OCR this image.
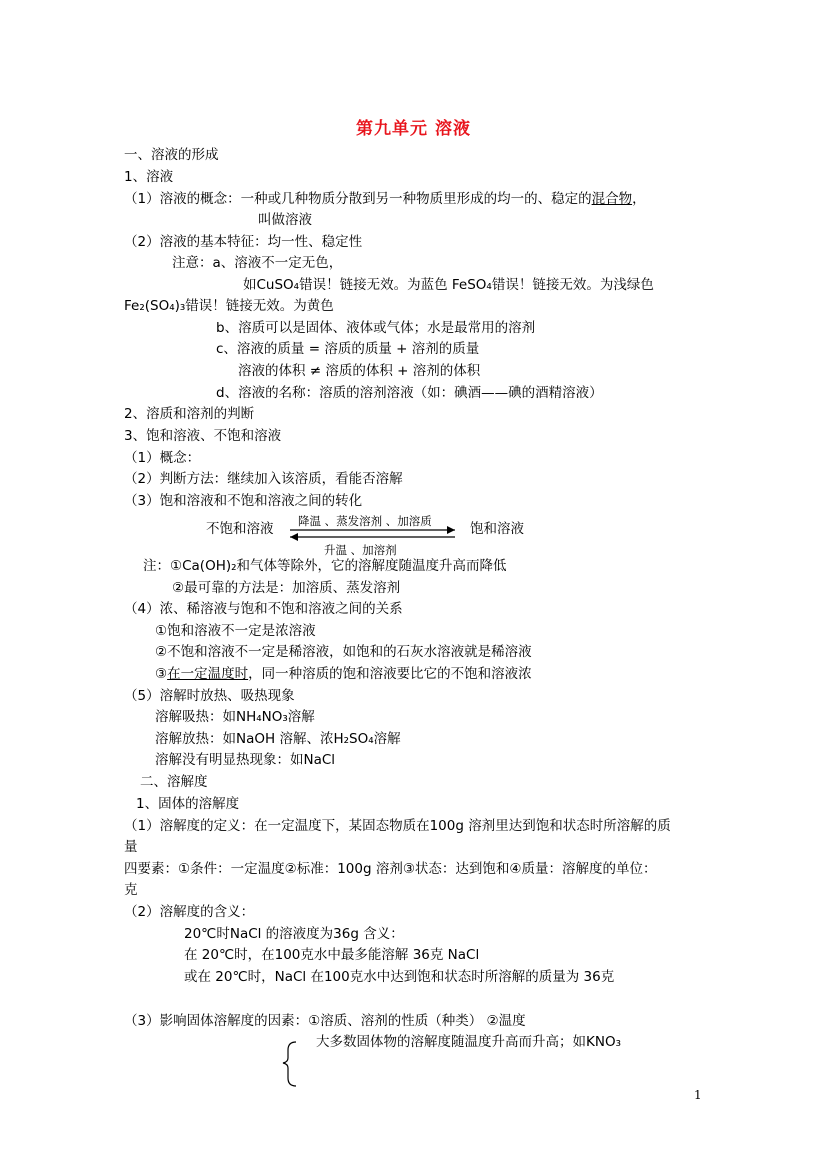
第九单元 溶液
一、溶液的形成
1、溶液
（1）溶液的概念：一种或几种物质分散到另一种物质里形成的均一的、稳定的混合物，
叫做溶液
（2）溶液的基本特征：均一性、稳定性
注意：a、溶液不一定无色，
如CuSO₄错误！链接无效。为蓝色 FeSO₄错误！链接无效。为浅绿色
Fe₂(SO₄)₃错误！链接无效。为黄色
b、溶质可以是固体、液体或气体；水是最常用的溶剂
c、溶液的质量 = 溶质的质量 + 溶剂的质量
溶液的体积 ≠ 溶质的体积 + 溶剂的体积
d、溶液的名称：溶质的溶剂溶液（如：碘酒——碘的酒精溶液）
2、溶质和溶剂的判断
3、饱和溶液、不饱和溶液
（1）概念：
（2）判断方法：继续加入该溶质，看能否溶解
（3）饱和溶液和不饱和溶液之间的转化
不饱和溶液	饱和溶液
降温 、蒸发溶剂 、加溶质
升温 、加溶剂
注：①Ca(OH)₂和气体等除外，它的溶解度随温度升高而降低
②最可靠的方法是：加溶质、蒸发溶剂
（4）浓、稀溶液与饱和不饱和溶液之间的关系
①饱和溶液不一定是浓溶液
②不饱和溶液不一定是稀溶液，如饱和的石灰水溶液就是稀溶液
③在一定温度时，同一种溶质的饱和溶液要比它的不饱和溶液浓
（5）溶解时放热、吸热现象
溶解吸热：如NH₄NO₃溶解
溶解放热：如NaOH 溶解、浓H₂SO₄溶解
溶解没有明显热现象：如NaCl
二、溶解度
1、固体的溶解度
（1）溶解度的定义：在一定温度下，某固态物质在100g 溶剂里达到饱和状态时所溶解的质
量
四要素：①条件：一定温度②标准：100g 溶剂③状态：达到饱和④质量：溶解度的单位：
克
（2）溶解度的含义：
20℃时NaCl 的溶液度为36g 含义：
在 20℃时，在100克水中最多能溶解 36克 NaCl
或在 20℃时，NaCl 在100克水中达到饱和状态时所溶解的质量为 36克
（3）影响固体溶解度的因素：①溶质、溶剂的性质（种类） ②温度
大多数固体物的溶解度随温度升高而升高；如KNO₃
1
